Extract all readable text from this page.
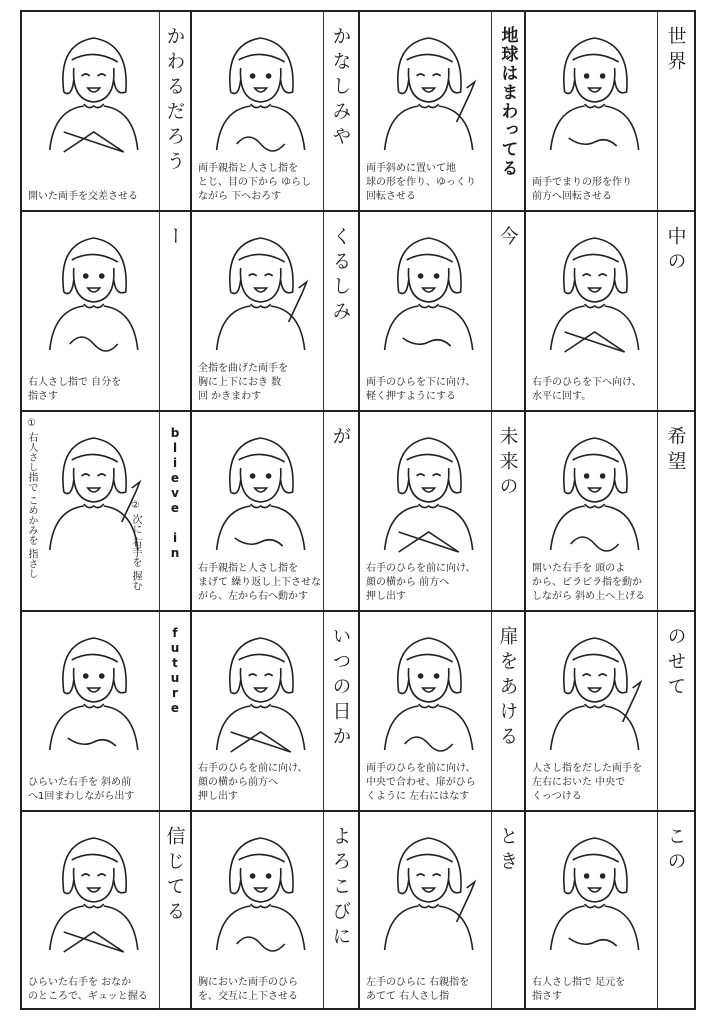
開いた両手を交差させる
かわるだろう	両手親指と人さし指を
とじ、目の下から ゆらし
ながら 下へおろす
かなしみや
両手斜めに置いて地
球の形を作り、ゆっくり
回転させる
地球はまわってる
両手でまりの形を作り
前方へ回転させる
世界
右人さし指で 自分を
指さす
ー
全指を曲げた両手を
胸に上下におき 数
回 かきまわす
くるしみ
両手のひらを下に向け、
軽く押すようにする
今
右手のひらを下へ向け、
水平に回す。
中の
① 右人さし指で こめかみを 指さし	② 次に 右手を 握む blieve in
右手親指と人さし指を
まげて 繰り返し上下させな
がら、左から右へ動かす
が
右手のひらを前に向け、
顔の横から 前方へ
押し出す
未来の
開いた右手を 頭のよ
から、ピラピラ指を動か
しながら 斜め上へ上げる
希望
ひらいた右手を 斜め前
へ1回まわしながら出す
future
右手のひらを前に向け、
顔の横から前方へ
押し出す
いつの日か
両手のひらを前に向け、
中央で合わせ、扉がひら
くように 左右にはなす
扉をあける
人さし指をだした両手を
左右においた 中央で
くっつける
のせて
ひらいた右手を おなか
のところで、ギュッと握る
信じてる
胸においた両手のひら
を、交互に上下させる
よろこびに
左手のひらに 右親指を
あてて 右人さし指
とき
右人さし指で 足元を
指さす
この
